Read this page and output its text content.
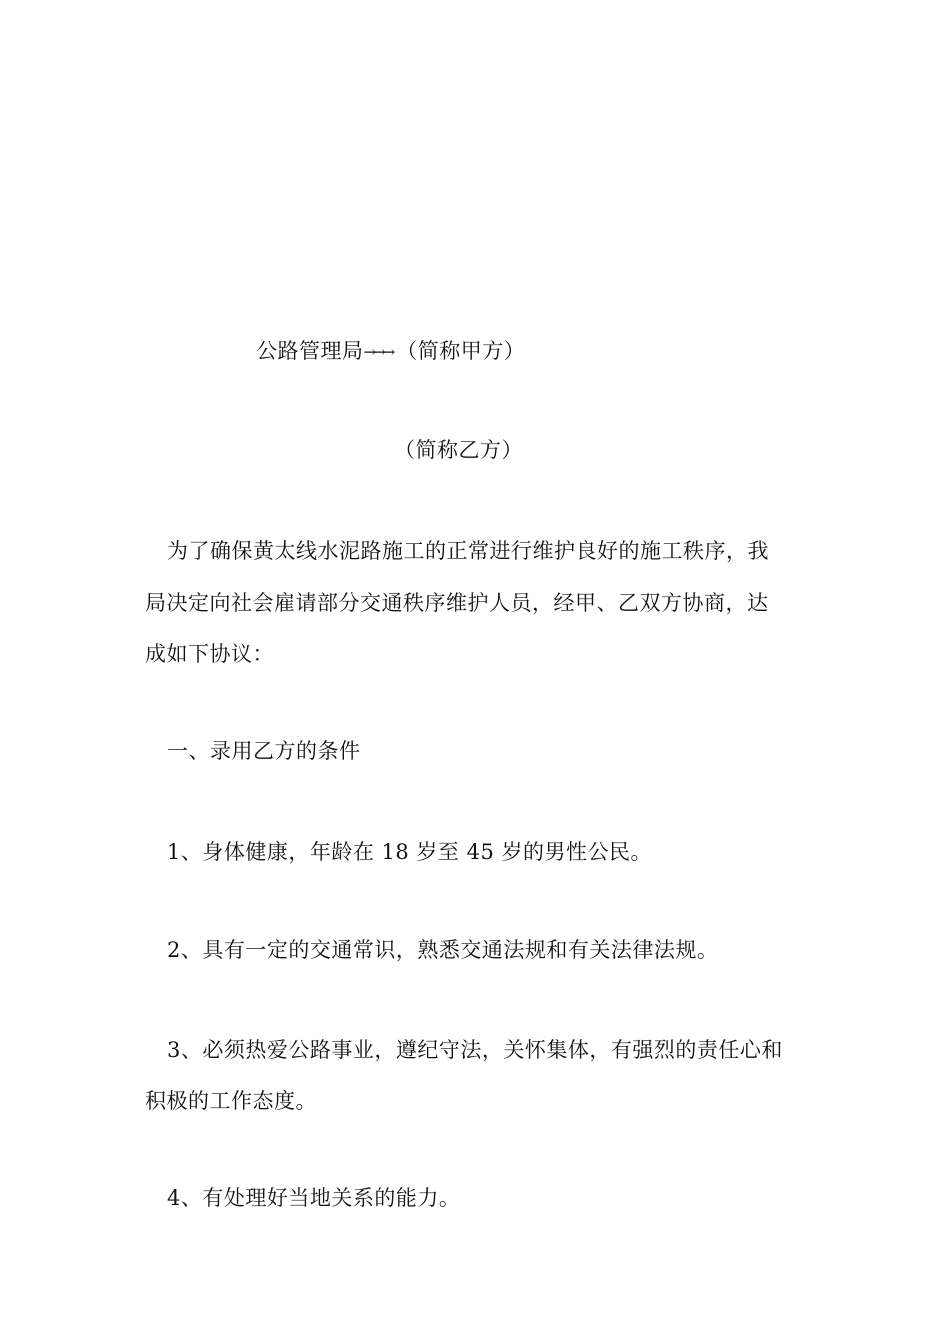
公路管理局→→→ （简称甲方）
（简称乙方）
为了确保黄太线水泥路施工的正常进行维护良好的施工秩序，我
局决定向社会雇请部分交通秩序维护人员，经甲、乙双方协商，达
成如下协议：
一、录用乙方的条件
1、身体健康，年龄在 18 岁至 45 岁的男性公民。
2、具有一定的交通常识，熟悉交通法规和有关法律法规。
3、必须热爱公路事业，遵纪守法，关怀集体，有强烈的责任心和
积极的工作态度。
4、有处理好当地关系的能力。
